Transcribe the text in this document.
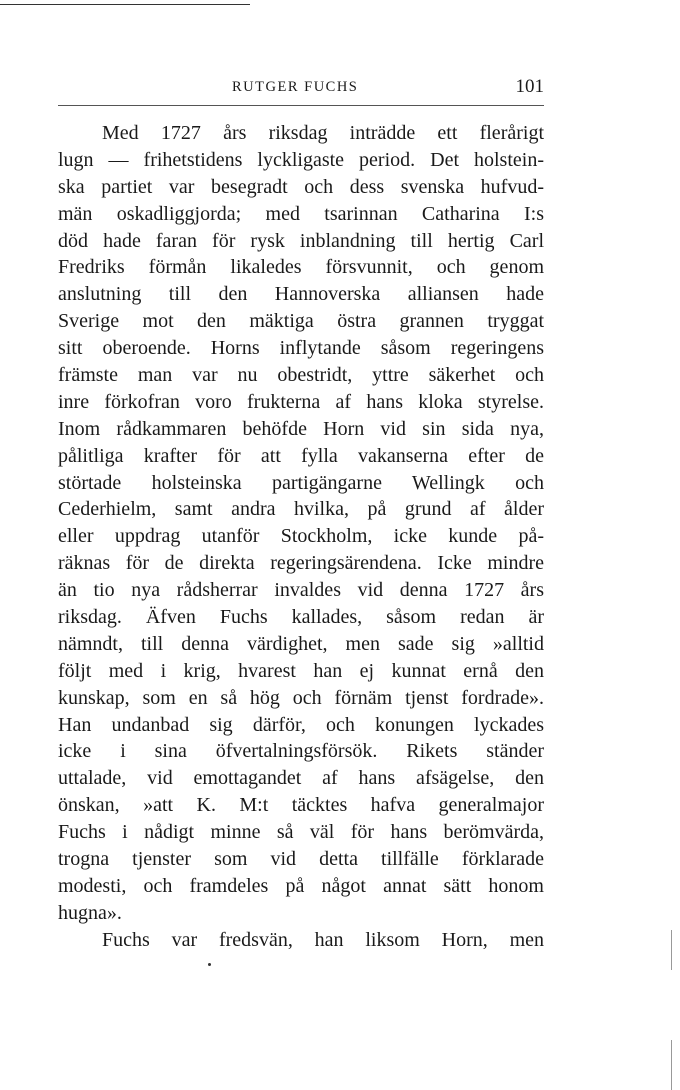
RUTGER FUCHS	101
Med 1727 års riksdag inträdde ett flerårigt
lugn — frihetstidens lyckligaste period. Det holstein-
ska partiet var besegradt och dess svenska hufvud-
män oskadliggjorda; med tsarinnan Catharina I:s
död hade faran för rysk inblandning till hertig Carl
Fredriks förmån likaledes försvunnit, och genom
anslutning till den Hannoverska alliansen hade
Sverige mot den mäktiga östra grannen tryggat
sitt oberoende. Horns inflytande såsom regeringens
främste man var nu obestridt, yttre säkerhet och
inre förkofran voro frukterna af hans kloka styrelse.
Inom rådkammaren behöfde Horn vid sin sida nya,
pålitliga krafter för att fylla vakanserna efter de
störtade holsteinska partigängarne Wellingk och
Cederhielm, samt andra hvilka, på grund af ålder
eller uppdrag utanför Stockholm, icke kunde på-
räknas för de direkta regeringsärendena. Icke mindre
än tio nya rådsherrar invaldes vid denna 1727 års
riksdag. Äfven Fuchs kallades, såsom redan är
nämndt, till denna värdighet, men sade sig »alltid
följt med i krig, hvarest han ej kunnat ernå den
kunskap, som en så hög och förnäm tjenst fordrade».
Han undanbad sig därför, och konungen lyckades
icke i sina öfvertalningsförsök. Rikets ständer
uttalade, vid emottagandet af hans afsägelse, den
önskan, »att K. M:t täcktes hafva generalmajor
Fuchs i nådigt minne så väl för hans berömvärda,
trogna tjenster som vid detta tillfälle förklarade
modesti, och framdeles på något annat sätt honom
hugna».
Fuchs var fredsvän, han liksom Horn, men
